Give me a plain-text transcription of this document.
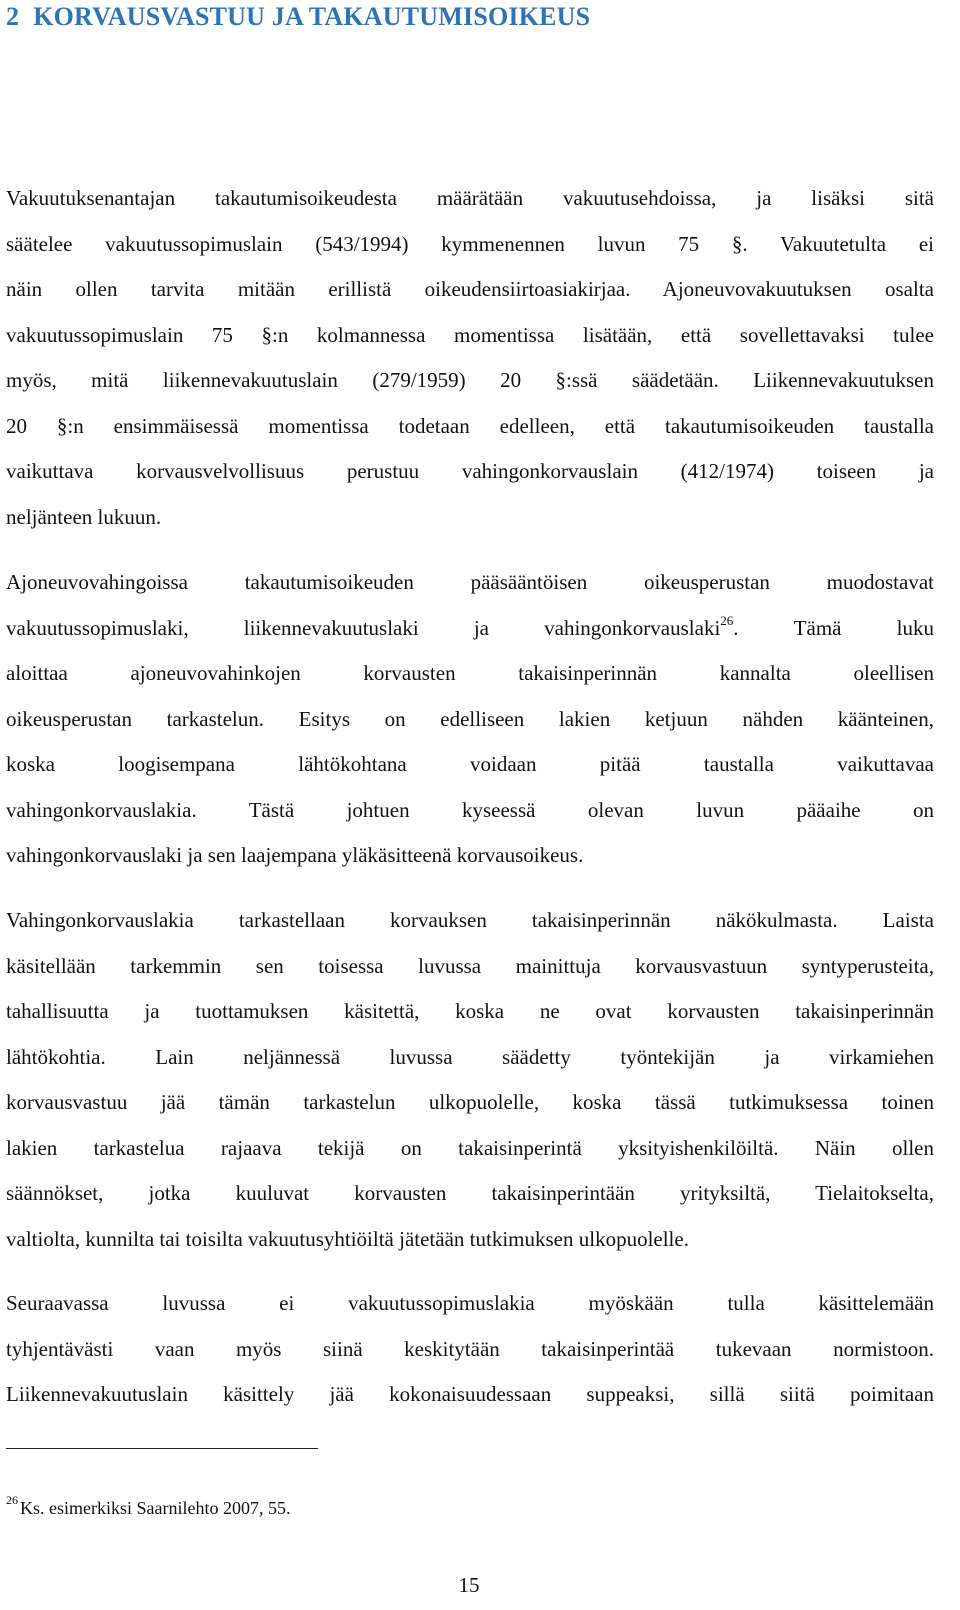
2 KORVAUSVASTUU JA TAKAUTUMISOIKEUS
Vakuutuksenantajan takautumisoikeudesta määrätään vakuutusehdoissa, ja lisäksi sitä
säätelee vakuutussopimuslain (543/1994) kymmenennen luvun 75 §. Vakuutetulta ei
näin ollen tarvita mitään erillistä oikeudensiirtoasiakirjaa. Ajoneuvovakuutuksen osalta
vakuutussopimuslain 75 §:n kolmannessa momentissa lisätään, että sovellettavaksi tulee
myös, mitä liikennevakuutuslain (279/1959) 20 §:ssä säädetään. Liikennevakuutuksen
20 §:n ensimmäisessä momentissa todetaan edelleen, että takautumisoikeuden taustalla
vaikuttava korvausvelvollisuus perustuu vahingonkorvauslain (412/1974) toiseen ja
neljänteen lukuun.
Ajoneuvovahingoissa takautumisoikeuden pääsääntöisen oikeusperustan muodostavat
vakuutussopimuslaki,	liikennevakuutuslaki	ja	vahingonkorvauslaki$^{26}$.	Tämä	luku
aloittaa ajoneuvovahinkojen korvausten takaisinperinnän kannalta oleellisen
oikeusperustan tarkastelun. Esitys on edelliseen lakien ketjuun nähden käänteinen,
koska loogisempana lähtökohtana voidaan pitää taustalla vaikuttavaa
vahingonkorvauslakia. Tästä johtuen kyseessä olevan luvun pääaihe on
vahingonkorvauslaki ja sen laajempana yläkäsitteenä korvausoikeus.
Vahingonkorvauslakia tarkastellaan korvauksen takaisinperinnän näkökulmasta. Laista
käsitellään tarkemmin sen toisessa luvussa mainittuja korvausvastuun syntyperusteita,
tahallisuutta ja tuottamuksen käsitettä, koska ne ovat korvausten takaisinperinnän
lähtökohtia. Lain neljännessä luvussa säädetty työntekijän ja virkamiehen
korvausvastuu jää tämän tarkastelun ulkopuolelle, koska tässä tutkimuksessa toinen
lakien tarkastelua rajaava tekijä on takaisinperintä yksityishenkilöiltä. Näin ollen
säännökset, jotka kuuluvat korvausten takaisinperintään yrityksiltä, Tielaitokselta,
valtiolta, kunnilta tai toisilta vakuutusyhtiöiltä jätetään tutkimuksen ulkopuolelle.
Seuraavassa luvussa ei vakuutussopimuslakia myöskään tulla käsittelemään
tyhjentävästi vaan myös siinä keskitytään takaisinperintää tukevaan normistoon.
Liikennevakuutuslain käsittely jää kokonaisuudessaan suppeaksi, sillä siitä poimitaan

$^{26}$ Ks. esimerkiksi Saarnilehto 2007, 55.

15
